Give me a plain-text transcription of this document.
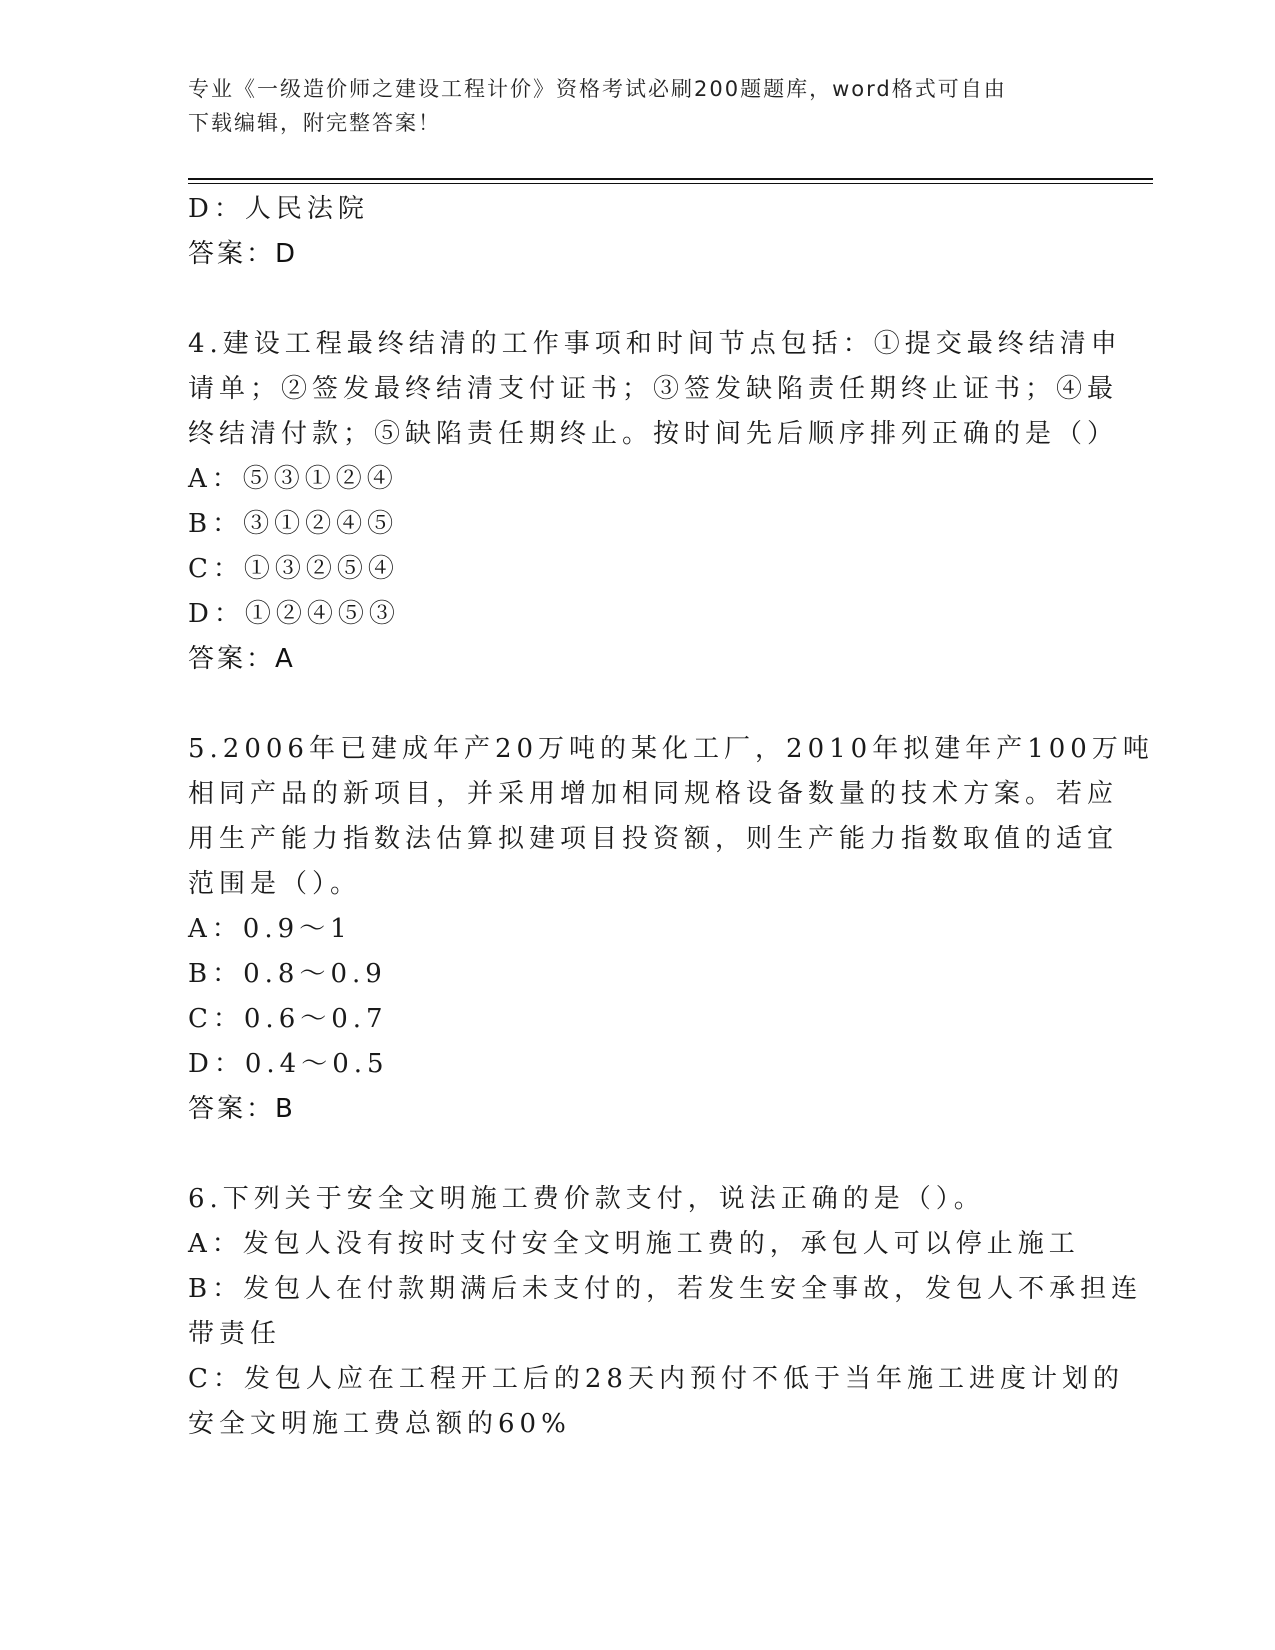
专业《一级造价师之建设工程计价》资格考试必刷200题题库，word格式可自由
下载编辑，附完整答案！
D：人民法院
答案：D
4.建设工程最终结清的工作事项和时间节点包括：①提交最终结清申
请单；②签发最终结清支付证书；③签发缺陷责任期终止证书；④最
终结清付款；⑤缺陷责任期终止。按时间先后顺序排列正确的是（）
A：⑤③①②④
B：③①②④⑤
C：①③②⑤④
D：①②④⑤③
答案：A
5.2006年已建成年产20万吨的某化工厂，2010年拟建年产100万吨
相同产品的新项目，并采用增加相同规格设备数量的技术方案。若应
用生产能力指数法估算拟建项目投资额，则生产能力指数取值的适宜
范围是（）。
A：0.9～1
B：0.8～0.9
C：0.6～0.7
D：0.4～0.5
答案：B
6.下列关于安全文明施工费价款支付，说法正确的是（）。
A：发包人没有按时支付安全文明施工费的，承包人可以停止施工
B：发包人在付款期满后未支付的，若发生安全事故，发包人不承担连
带责任
C：发包人应在工程开工后的28天内预付不低于当年施工进度计划的
安全文明施工费总额的60%
